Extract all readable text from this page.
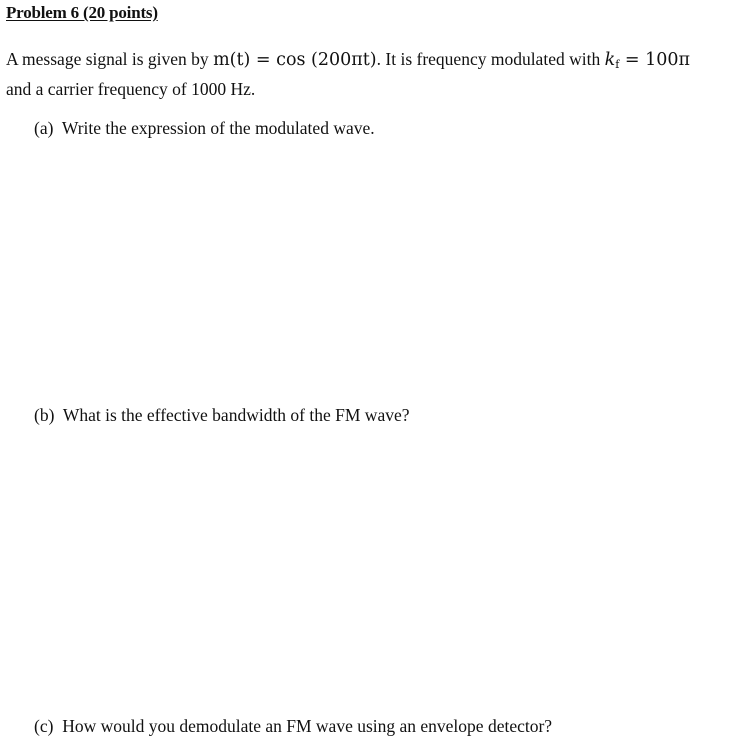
Problem 6 (20 points)
A message signal is given by m(t) = cos (200πt). It is frequency modulated with $k_f = 100\pi$
and a carrier frequency of 1000 Hz.
(a) Write the expression of the modulated wave.
(b) What is the effective bandwidth of the FM wave?
(c) How would you demodulate an FM wave using an envelope detector?
